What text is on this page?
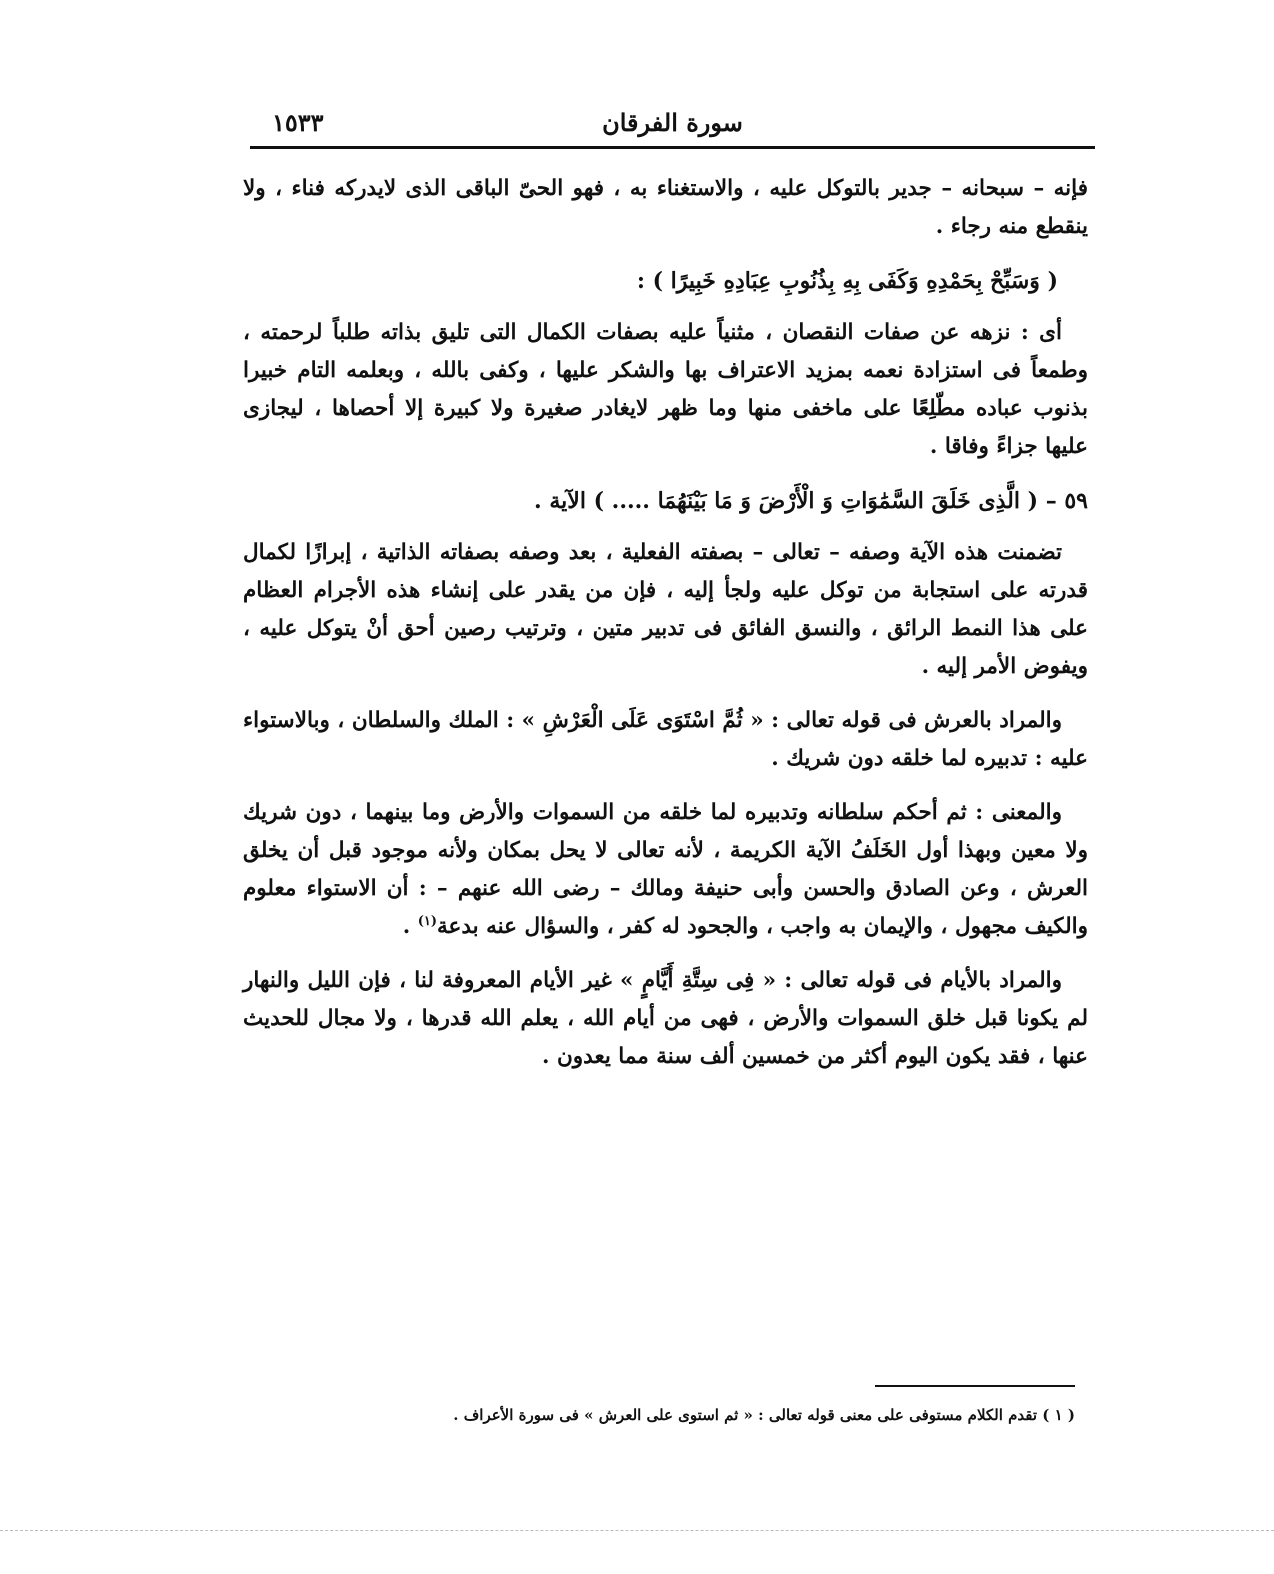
سورة الفرقان
١٥٣٣

فإنه – سبحانه – جدير بالتوكل عليه ، والاستغناء به ، فهو الحىّ الباقى الذى لايدركه فناء ، ولا ينقطع منه رجاء .

( وَسَبِّحْ بِحَمْدِهِ وَكَفَى بِهِ بِذُنُوبِ عِبَادِهِ خَبِيرًا ) :

أى : نزهه عن صفات النقصان ، مثنياً عليه بصفات الكمال التى تليق بذاته طلباً لرحمته ، وطمعاً فى استزادة نعمه بمزيد الاعتراف بها والشكر عليها ، وكفى بالله ، وبعلمه التام خبيرا بذنوب عباده مطّلِعًا على ماخفى منها وما ظهر لايغادر صغيرة ولا كبيرة إلا أحصاها ، ليجازى عليها جزاءً وفاقا .

٥٩ – ( الَّذِى خَلَقَ السَّمَٰوَاتِ وَ الْأَرْضَ وَ مَا بَيْنَهُمَا ..... ) الآية .

تضمنت هذه الآية وصفه – تعالى – بصفته الفعلية ، بعد وصفه بصفاته الذاتية ، إبرازًا لكمال قدرته على استجابة من توكل عليه ولجأ إليه ، فإن من يقدر على إنشاء هذه الأجرام العظام على هذا النمط الرائق ، والنسق الفائق فى تدبير متين ، وترتيب رصين أحق أنْ يتوكل عليه ، ويفوض الأمر إليه .

والمراد بالعرش فى قوله تعالى : « ثُمَّ اسْتَوَى عَلَى الْعَرْشِ » : الملك والسلطان ، وبالاستواء عليه : تدبيره لما خلقه دون شريك .

والمعنى : ثم أحكم سلطانه وتدبيره لما خلقه من السموات والأرض وما بينهما ، دون شريك ولا معين وبهذا أول الخَلَفُ الآية الكريمة ، لأنه تعالى لا يحل بمكان ولأنه موجود قبل أن يخلق العرش ، وعن الصادق والحسن وأبى حنيفة ومالك – رضى الله عنهم – : أن الاستواء معلوم والكيف مجهول ، والإيمان به واجب ، والجحود له كفر ، والسؤال عنه بدعة$^{(١)}$ .

والمراد بالأيام فى قوله تعالى : « فِى سِتَّةِ أَيَّامٍ » غير الأيام المعروفة لنا ، فإن الليل والنهار لم يكونا قبل خلق السموات والأرض ، فهى من أيام الله ، يعلم الله قدرها ، ولا مجال للحديث عنها ، فقد يكون اليوم أكثر من خمسين ألف سنة مما يعدون .

( ١ ) تقدم الكلام مستوفى على معنى قوله تعالى : « ثم استوى على العرش » فى سورة الأعراف .
